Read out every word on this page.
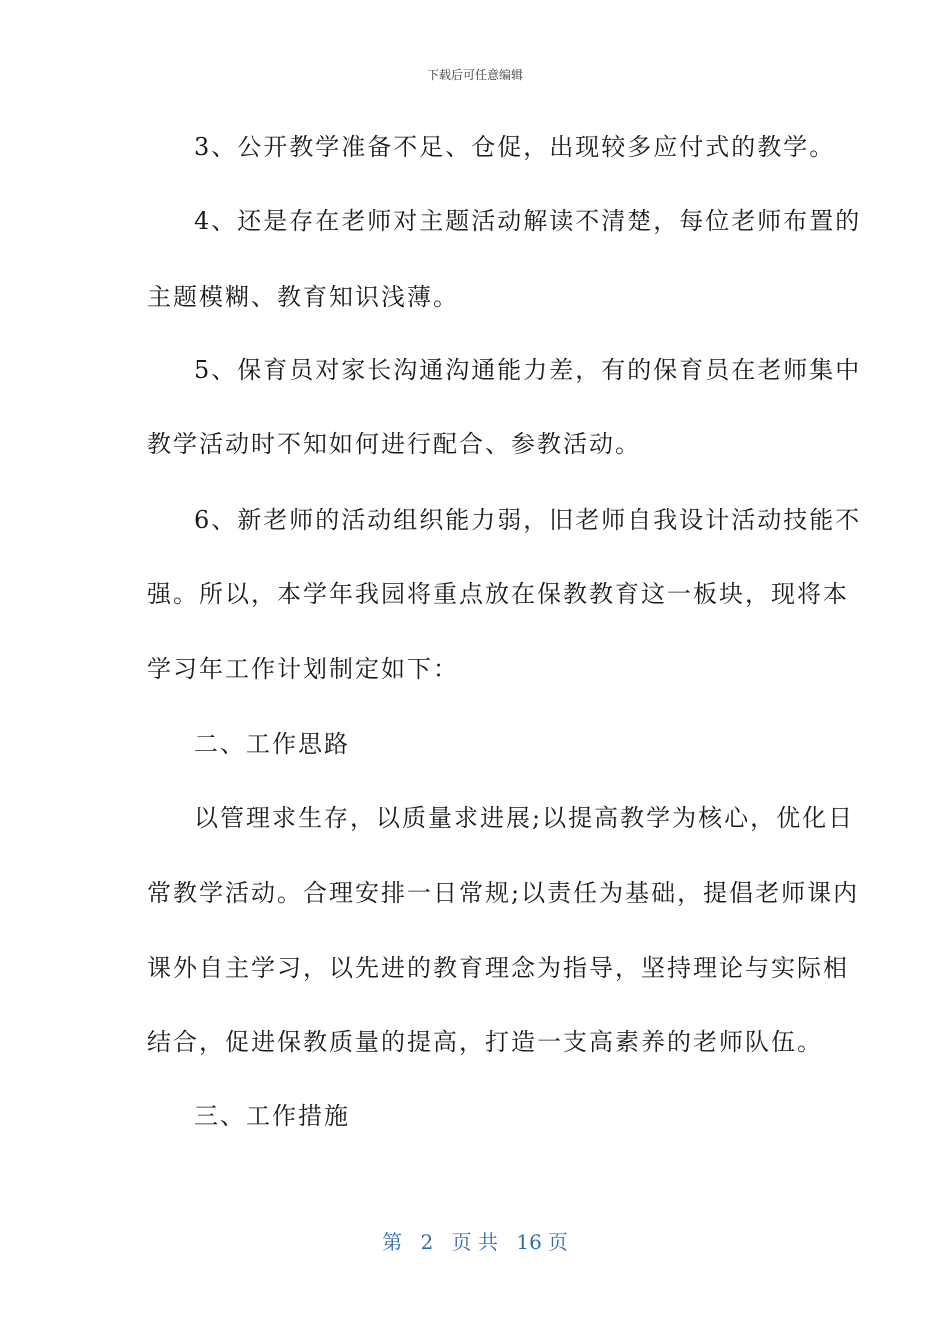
下载后可任意编辑
3、公开教学准备不足、仓促，出现较多应付式的教学。
4、还是存在老师对主题活动解读不清楚，每位老师布置的
主题模糊、教育知识浅薄。
5、保育员对家长沟通沟通能力差，有的保育员在老师集中
教学活动时不知如何进行配合、参教活动。
6、新老师的活动组织能力弱，旧老师自我设计活动技能不
强。所以，本学年我园将重点放在保教教育这一板块，现将本
学习年工作计划制定如下：
二、工作思路
以管理求生存，以质量求进展;以提高教学为核心，优化日
常教学活动。合理安排一日常规;以责任为基础，提倡老师课内
课外自主学习，以先进的教育理念为指导，坚持理论与实际相
结合，促进保教质量的提高，打造一支高素养的老师队伍。
三、工作措施
第 2 页 共 16 页
